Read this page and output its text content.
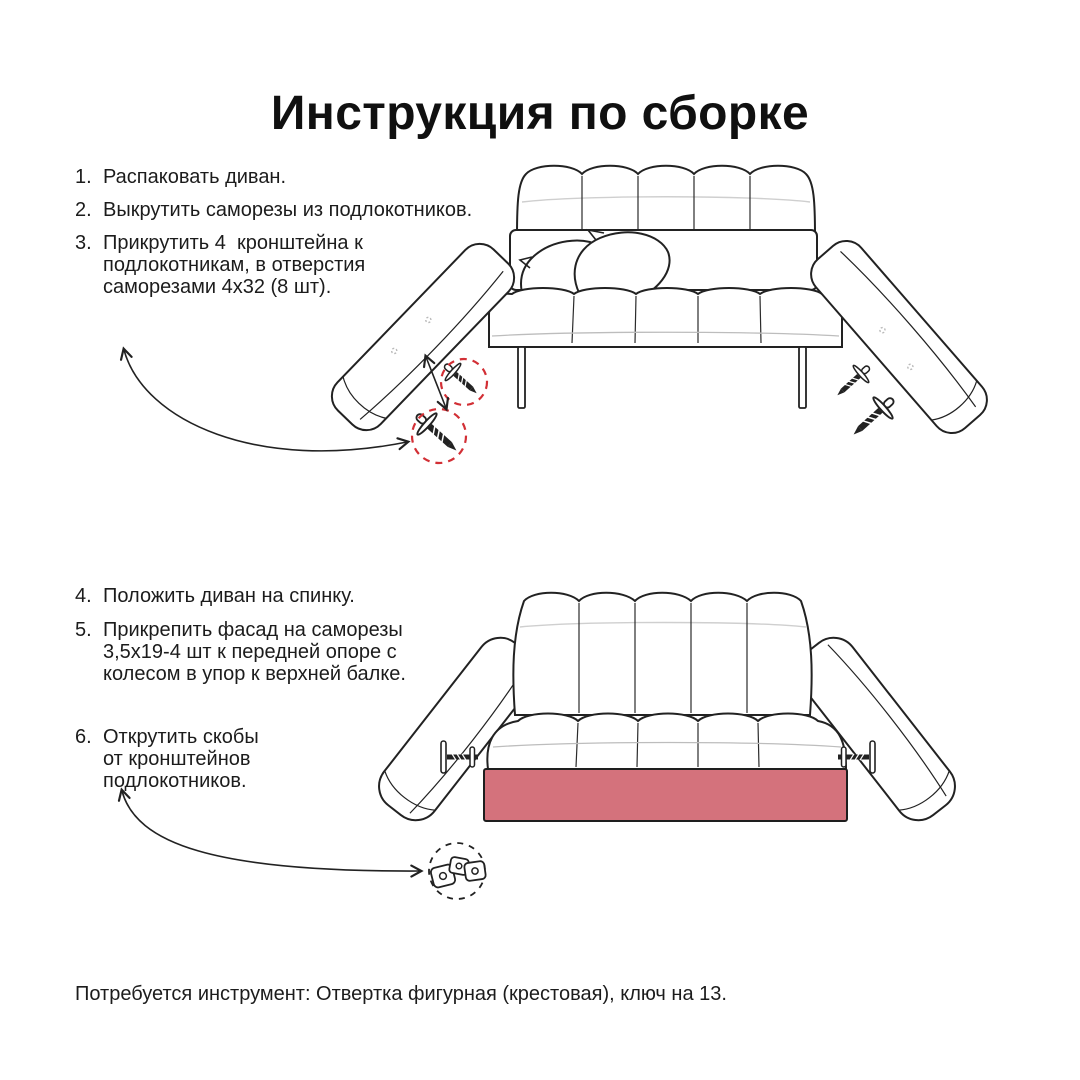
Инструкция по сборке
1. Распаковать диван.
2. Выкрутить саморезы из подлокотников.
3. Прикрутить 4  кронштейна к
подлокотникам, в отверстия
саморезами 4х32 (8 шт).
4. Положить диван на спинку.
5. Прикрепить фасад на саморезы
3,5х19-4 шт к передней опоре с
колесом в упор к верхней балке.
6. Открутить скобы
от кронштейнов
подлокотников.
Потребуется инструмент: Отвертка фигурная (крестовая), ключ на 13.
